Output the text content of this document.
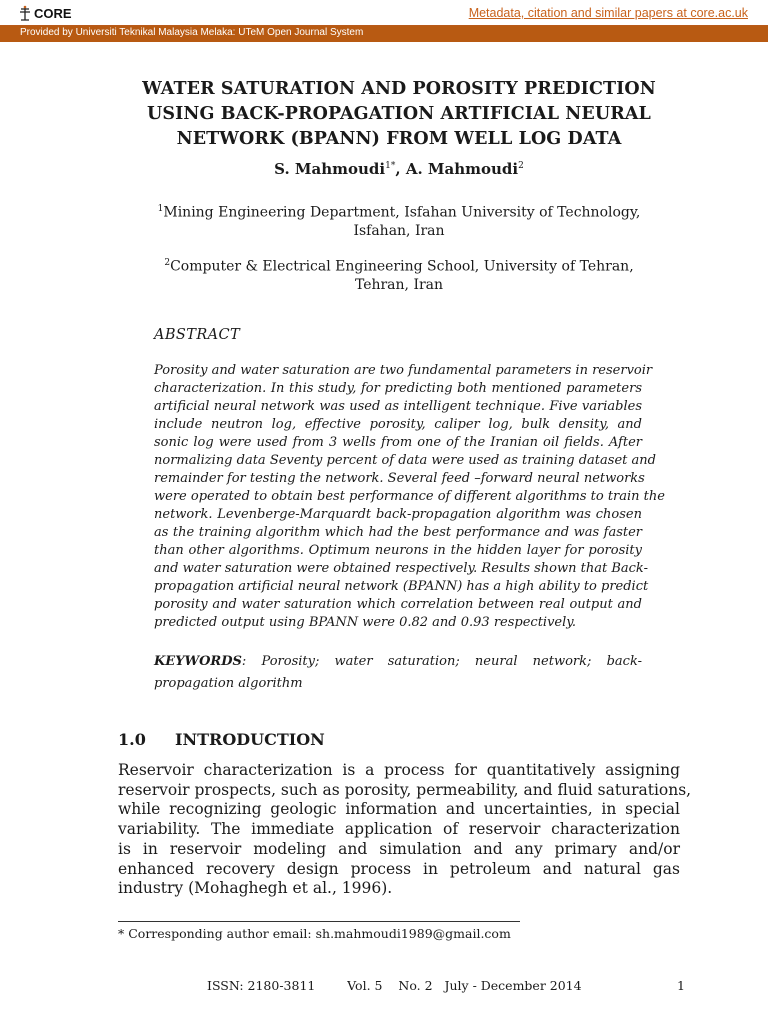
CORE	Metadata, citation and similar papers at core.ac.uk
Provided by Universiti Teknikal Malaysia Melaka: UTeM Open Journal System
WATER SATURATION AND POROSITY PREDICTION
USING BACK-PROPAGATION ARTIFICIAL NEURAL
NETWORK (BPANN) FROM WELL LOG DATA
S. Mahmoudi$^{1*}$, A. Mahmoudi$^2$
$^1$Mining Engineering Department, Isfahan University of Technology,
Isfahan, Iran
$^2$Computer & Electrical Engineering School, University of Tehran,
Tehran, Iran
ABSTRACT
Porosity and water saturation are two fundamental parameters in reservoir
characterization. In this study, for predicting both mentioned parameters
artificial neural network was used as intelligent technique. Five variables
include neutron log, effective porosity, caliper log, bulk density, and
sonic log were used from 3 wells from one of the Iranian oil fields. After
normalizing data Seventy percent of data were used as training dataset and
remainder for testing the network. Several feed –forward neural networks
were operated to obtain best performance of different algorithms to train the
network. Levenberge-Marquardt back-propagation algorithm was chosen
as the training algorithm which had the best performance and was faster
than other algorithms. Optimum neurons in the hidden layer for porosity
and water saturation were obtained respectively. Results shown that Back-
propagation artificial neural network (BPANN) has a high ability to predict
porosity and water saturation which correlation between real output and
predicted output using BPANN were 0.82 and 0.93 respectively.
KEYWORDS: Porosity; water saturation; neural network; back-
propagation algorithm
1.0 INTRODUCTION
Reservoir characterization is a process for quantitatively assigning
reservoir prospects, such as porosity, permeability, and fluid saturations,
while recognizing geologic information and uncertainties, in special
variability. The immediate application of reservoir characterization
is in reservoir modeling and simulation and any primary and/or
enhanced recovery design process in petroleum and natural gas
industry (Mohaghegh et al., 1996).
* Corresponding author email: sh.mahmoudi1989@gmail.com
ISSN: 2180-3811	Vol. 5 No. 2 July - December 2014	1
